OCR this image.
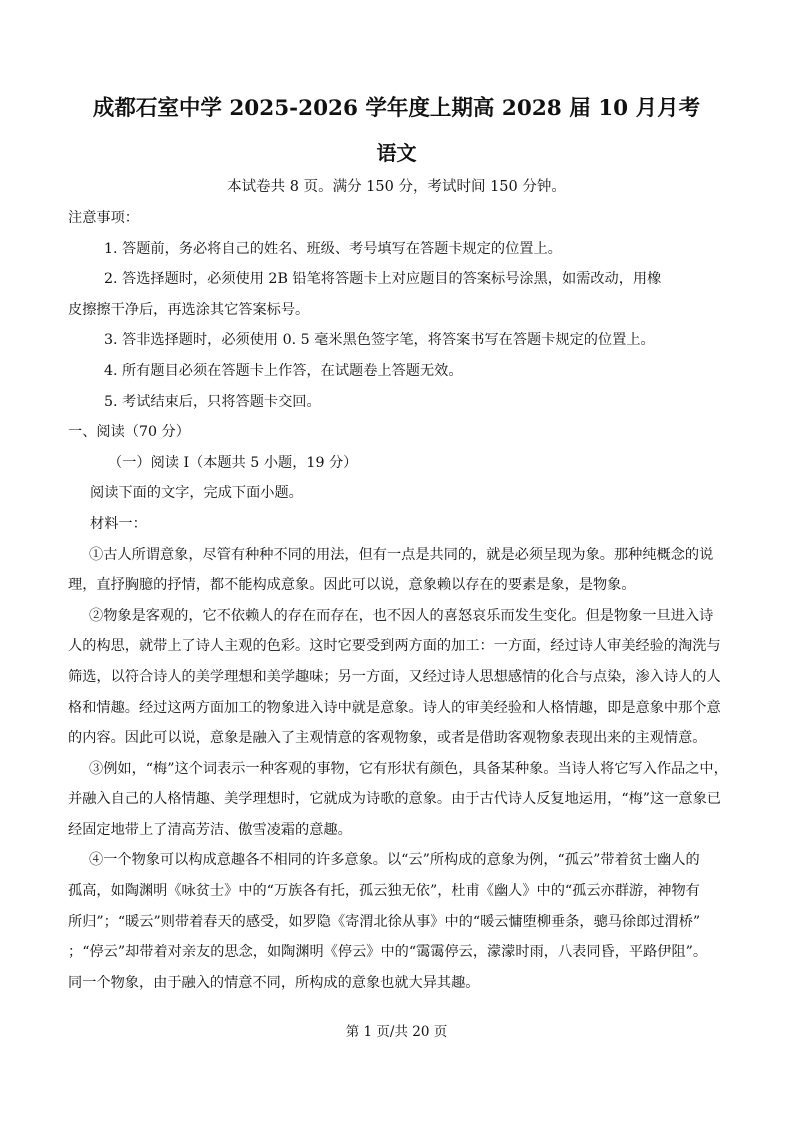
成都石室中学 2025-2026 学年度上期高 2028 届 10 月月考
语文
本试卷共 8 页。满分 150 分，考试时间 150 分钟。

注意事项：

1. 答题前，务必将自己的姓名、班级、考号填写在答题卡规定的位置上。

2. 答选择题时，必须使用 2B 铅笔将答题卡上对应题目的答案标号涂黑，如需改动，用橡

皮擦擦干净后，再选涂其它答案标号。

3. 答非选择题时，必须使用 0. 5 毫米黑色签字笔，将答案书写在答题卡规定的位置上。

4. 所有题目必须在答题卡上作答，在试题卷上答题无效。

5. 考试结束后，只将答题卡交回。

一、阅读（70 分）

（一）阅读 I（本题共 5 小题，19 分）

阅读下面的文字，完成下面小题。

材料一：

①古人所谓意象，尽管有种种不同的用法，但有一点是共同的，就是必须呈现为象。那种纯概念的说

理，直抒胸臆的抒情，都不能构成意象。因此可以说，意象赖以存在的要素是象，是物象。

②物象是客观的，它不依赖人的存在而存在，也不因人的喜怒哀乐而发生变化。但是物象一旦进入诗

人的构思，就带上了诗人主观的色彩。这时它要受到两方面的加工：一方面，经过诗人审美经验的淘洗与

筛选，以符合诗人的美学理想和美学趣味；另一方面，又经过诗人思想感情的化合与点染，渗入诗人的人

格和情趣。经过这两方面加工的物象进入诗中就是意象。诗人的审美经验和人格情趣，即是意象中那个意

的内容。因此可以说，意象是融入了主观情意的客观物象，或者是借助客观物象表现出来的主观情意。

③例如，“梅”这个词表示一种客观的事物，它有形状有颜色，具备某种象。当诗人将它写入作品之中，

并融入自己的人格情趣、美学理想时，它就成为诗歌的意象。由于古代诗人反复地运用，“梅”这一意象已

经固定地带上了清高芳洁、傲雪凌霜的意趣。

④一个物象可以构成意趣各不相同的许多意象。以“云”所构成的意象为例，“孤云”带着贫士幽人的

孤高，如陶渊明《咏贫士》中的“万族各有托，孤云独无依”，杜甫《幽人》中的“孤云亦群游，神物有

所归”；“暖云”则带着春天的感受，如罗隐《寄渭北徐从事》中的“暖云慵堕柳垂条，骢马徐郎过渭桥”

；“停云”却带着对亲友的思念，如陶渊明《停云》中的“霭霭停云，濛濛时雨，八表同昏，平路伊阻”。

同一个物象，由于融入的情意不同，所构成的意象也就大异其趣。

第 1 页/共 20 页
